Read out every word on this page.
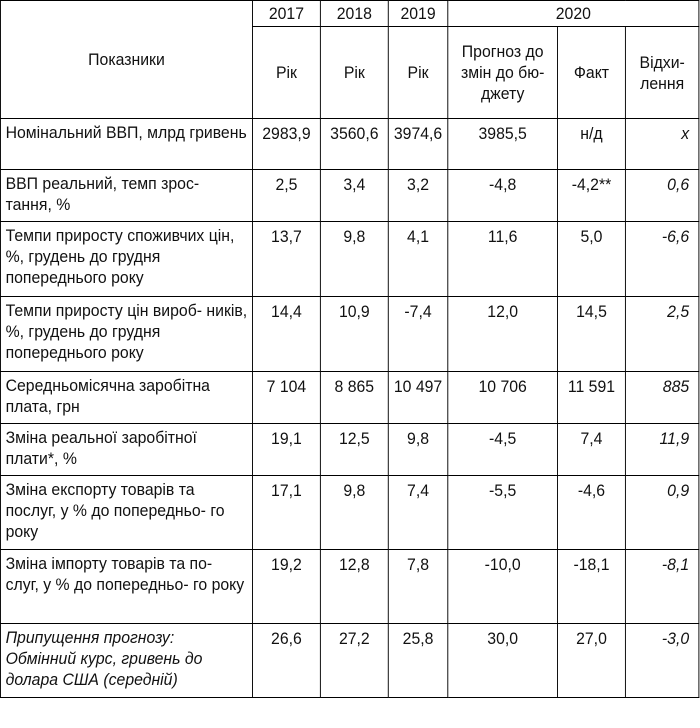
Показники	2017	2018	2019	2020		
	Рік	Рік	Рік	Прогноз до змін до бю- джету	Факт	Відхи- лення
Номінальний ВВП, млрд гривень	2983,9	3560,6	3974,6	3985,5	н/д	х
ВВП реальний, темп зрос- тання, %	2,5	3,4	3,2	-4,8	-4,2**	0,6
Темпи приросту споживчих цін, %, грудень до грудня попереднього року	13,7	9,8	4,1	11,6	5,0	-6,6
Темпи приросту цін вироб- ників, %, грудень до грудня попереднього року	14,4	10,9	-7,4	12,0	14,5	2,5
Середньомісячна заробітна плата, грн	7 104	8 865	10 497	10 706	11 591	885
Зміна реальної заробітної плати*, %	19,1	12,5	9,8	-4,5	7,4	11,9
Зміна експорту товарів та послуг, у % до попередньо- го року	17,1	9,8	7,4	-5,5	-4,6	0,9
Зміна імпорту товарів та по- слуг, у % до попередньо- го року	19,2	12,8	7,8	-10,0	-18,1	-8,1
Припущення прогнозу: Обмінний курс, гривень до долара США (середній)	26,6	27,2	25,8	30,0	27,0	-3,0
